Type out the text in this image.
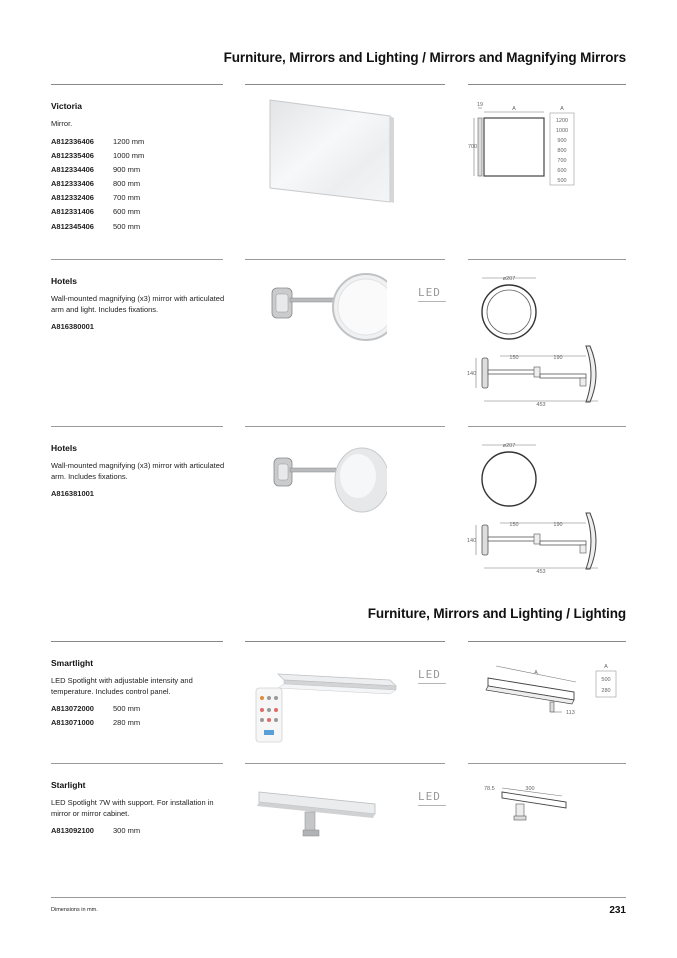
Furniture, Mirrors and Lighting / Mirrors and Magnifying Mirrors
Victoria
Mirror.
A812336406	1200 mm
A812335406	1000 mm
A812334406	900 mm
A812333406	800 mm
A812332406	700 mm
A812331406	600 mm
A812345406	500 mm
19
A
700
A
1200
1000
900
800
700
600
500
Hotels
Wall-mounted magnifying (x3) mirror with articulated arm and light. Includes fixations.
A816380001
LED
ø207
150	190
140
453
Hotels
Wall-mounted magnifying (x3) mirror with articulated arm. Includes fixations.
A816381001
ø207
150	190
140
453
Furniture, Mirrors and Lighting / Lighting
Smartlight
LED Spotlight with adjustable intensity and temperature. Includes control panel.
A813072000	500 mm
A813071000	280 mm
LED	A
113
A
500
280
Starlight
LED Spotlight 7W with support. For installation in mirror or mirror cabinet.
A813092100	300 mm
LED
78.5	300
Dimensions in mm.	231
